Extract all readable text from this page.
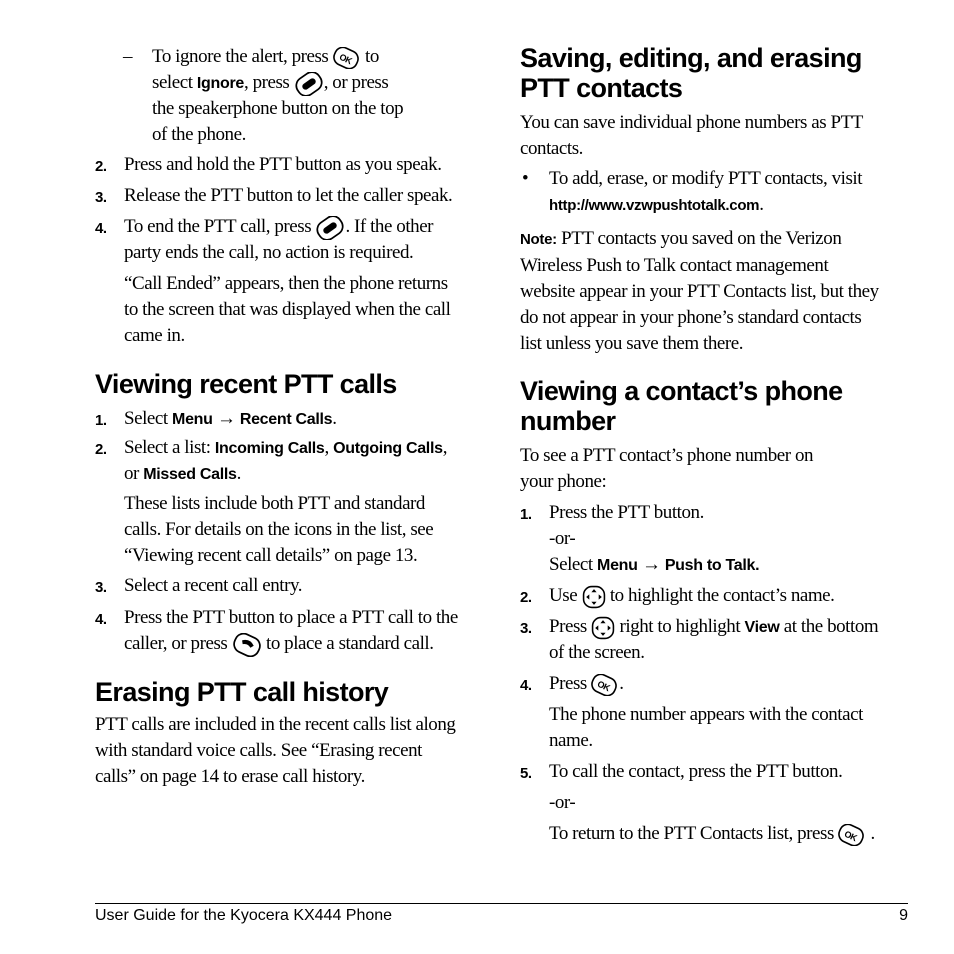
– To ignore the alert, press to
select Ignore, press , or press
the speakerphone button on the top
of the phone.
2. Press and hold the PTT button as you speak.
3. Release the PTT button to let the caller speak.
4. To end the PTT call, press . If the other
party ends the call, no action is required.
“Call Ended” appears, then the phone returns
to the screen that was displayed when the call
came in.
Viewing recent PTT calls
1. Select Menu → Recent Calls.
2. Select a list: Incoming Calls, Outgoing Calls,
or Missed Calls.
These lists include both PTT and standard
calls. For details on the icons in the list, see
“Viewing recent call details” on page 13.
3. Select a recent call entry.
4. Press the PTT button to place a PTT call to the
caller, or press to place a standard call.
Erasing PTT call history
PTT calls are included in the recent calls list along
with standard voice calls. See “Erasing recent
calls” on page 14 to erase call history.
Saving, editing, and erasing
PTT contacts
You can save individual phone numbers as PTT
contacts.
• To add, erase, or modify PTT contacts, visit
http://www.vzwpushtotalk.com.
Note: PTT contacts you saved on the Verizon
Wireless Push to Talk contact management
website appear in your PTT Contacts list, but they
do not appear in your phone’s standard contacts
list unless you save them there.
Viewing a contact’s phone
number
To see a PTT contact’s phone number on
your phone:
1. Press the PTT button.
-or-
Select Menu → Push to Talk.
2. Use to highlight the contact’s name.
3. Press right to highlight View at the bottom
of the screen.
4. Press .
The phone number appears with the contact
name.
5. To call the contact, press the PTT button.
-or-
To return to the PTT Contacts list, press .
User Guide for the Kyocera KX444 Phone	9
